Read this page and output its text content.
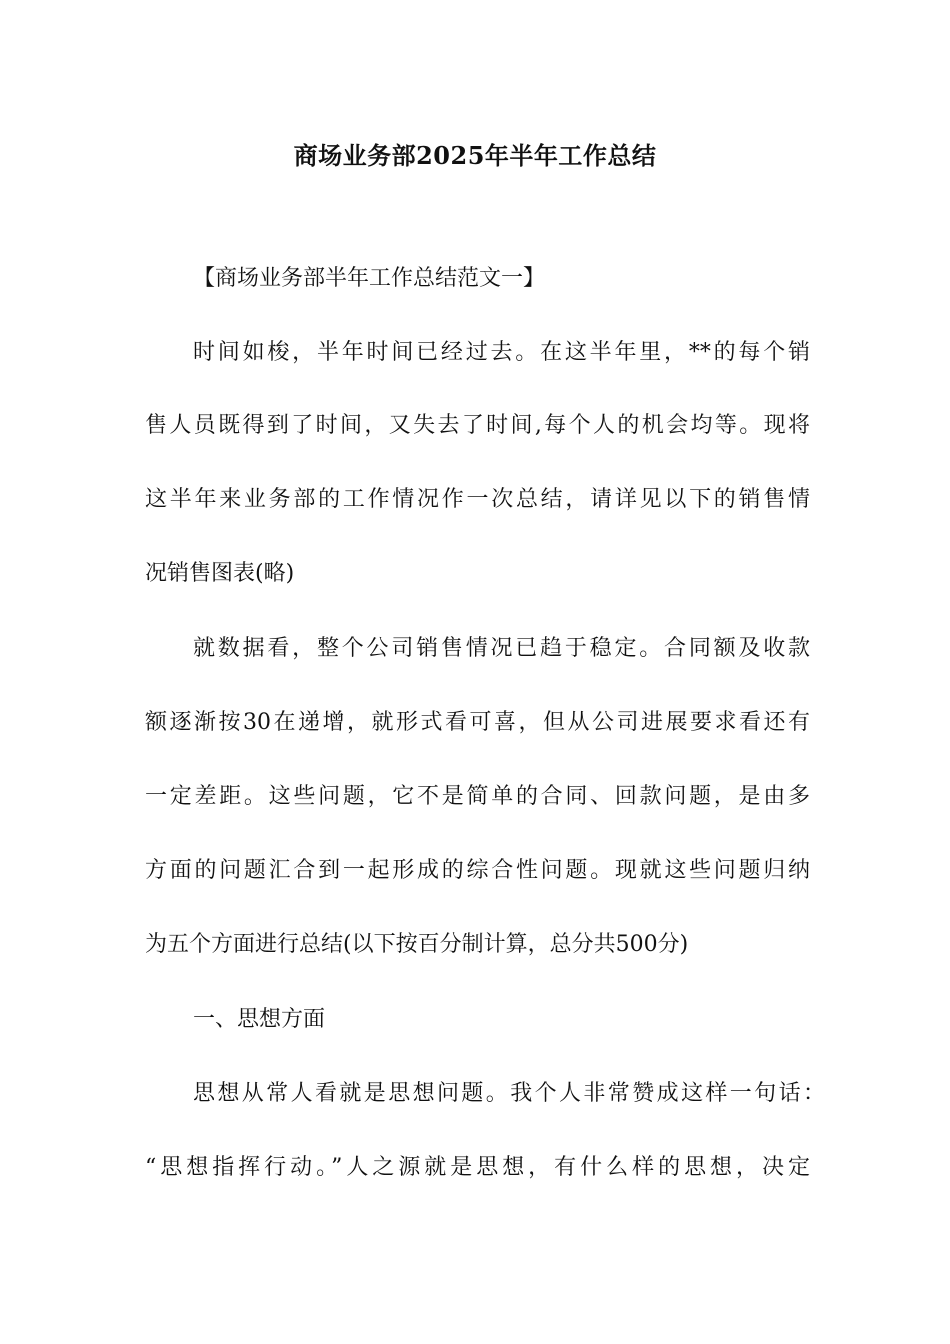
商场业务部2025年半年工作总结
【商场业务部半年工作总结范文一】
时间如梭，半年时间已经过去。在这半年里，**的每个销
售人员既得到了时间，又失去了时间,每个人的机会均等。现将
这半年来业务部的工作情况作一次总结，请详见以下的销售情
况销售图表(略)
就数据看，整个公司销售情况已趋于稳定。合同额及收款
额逐渐按30在递增，就形式看可喜，但从公司进展要求看还有
一定差距。这些问题，它不是简单的合同、回款问题，是由多
方面的问题汇合到一起形成的综合性问题。现就这些问题归纳
为五个方面进行总结(以下按百分制计算，总分共500分)
一、思想方面
思想从常人看就是思想问题。我个人非常赞成这样一句话：
“思想指挥行动。”人之源就是思想，有什么样的思想，决定
